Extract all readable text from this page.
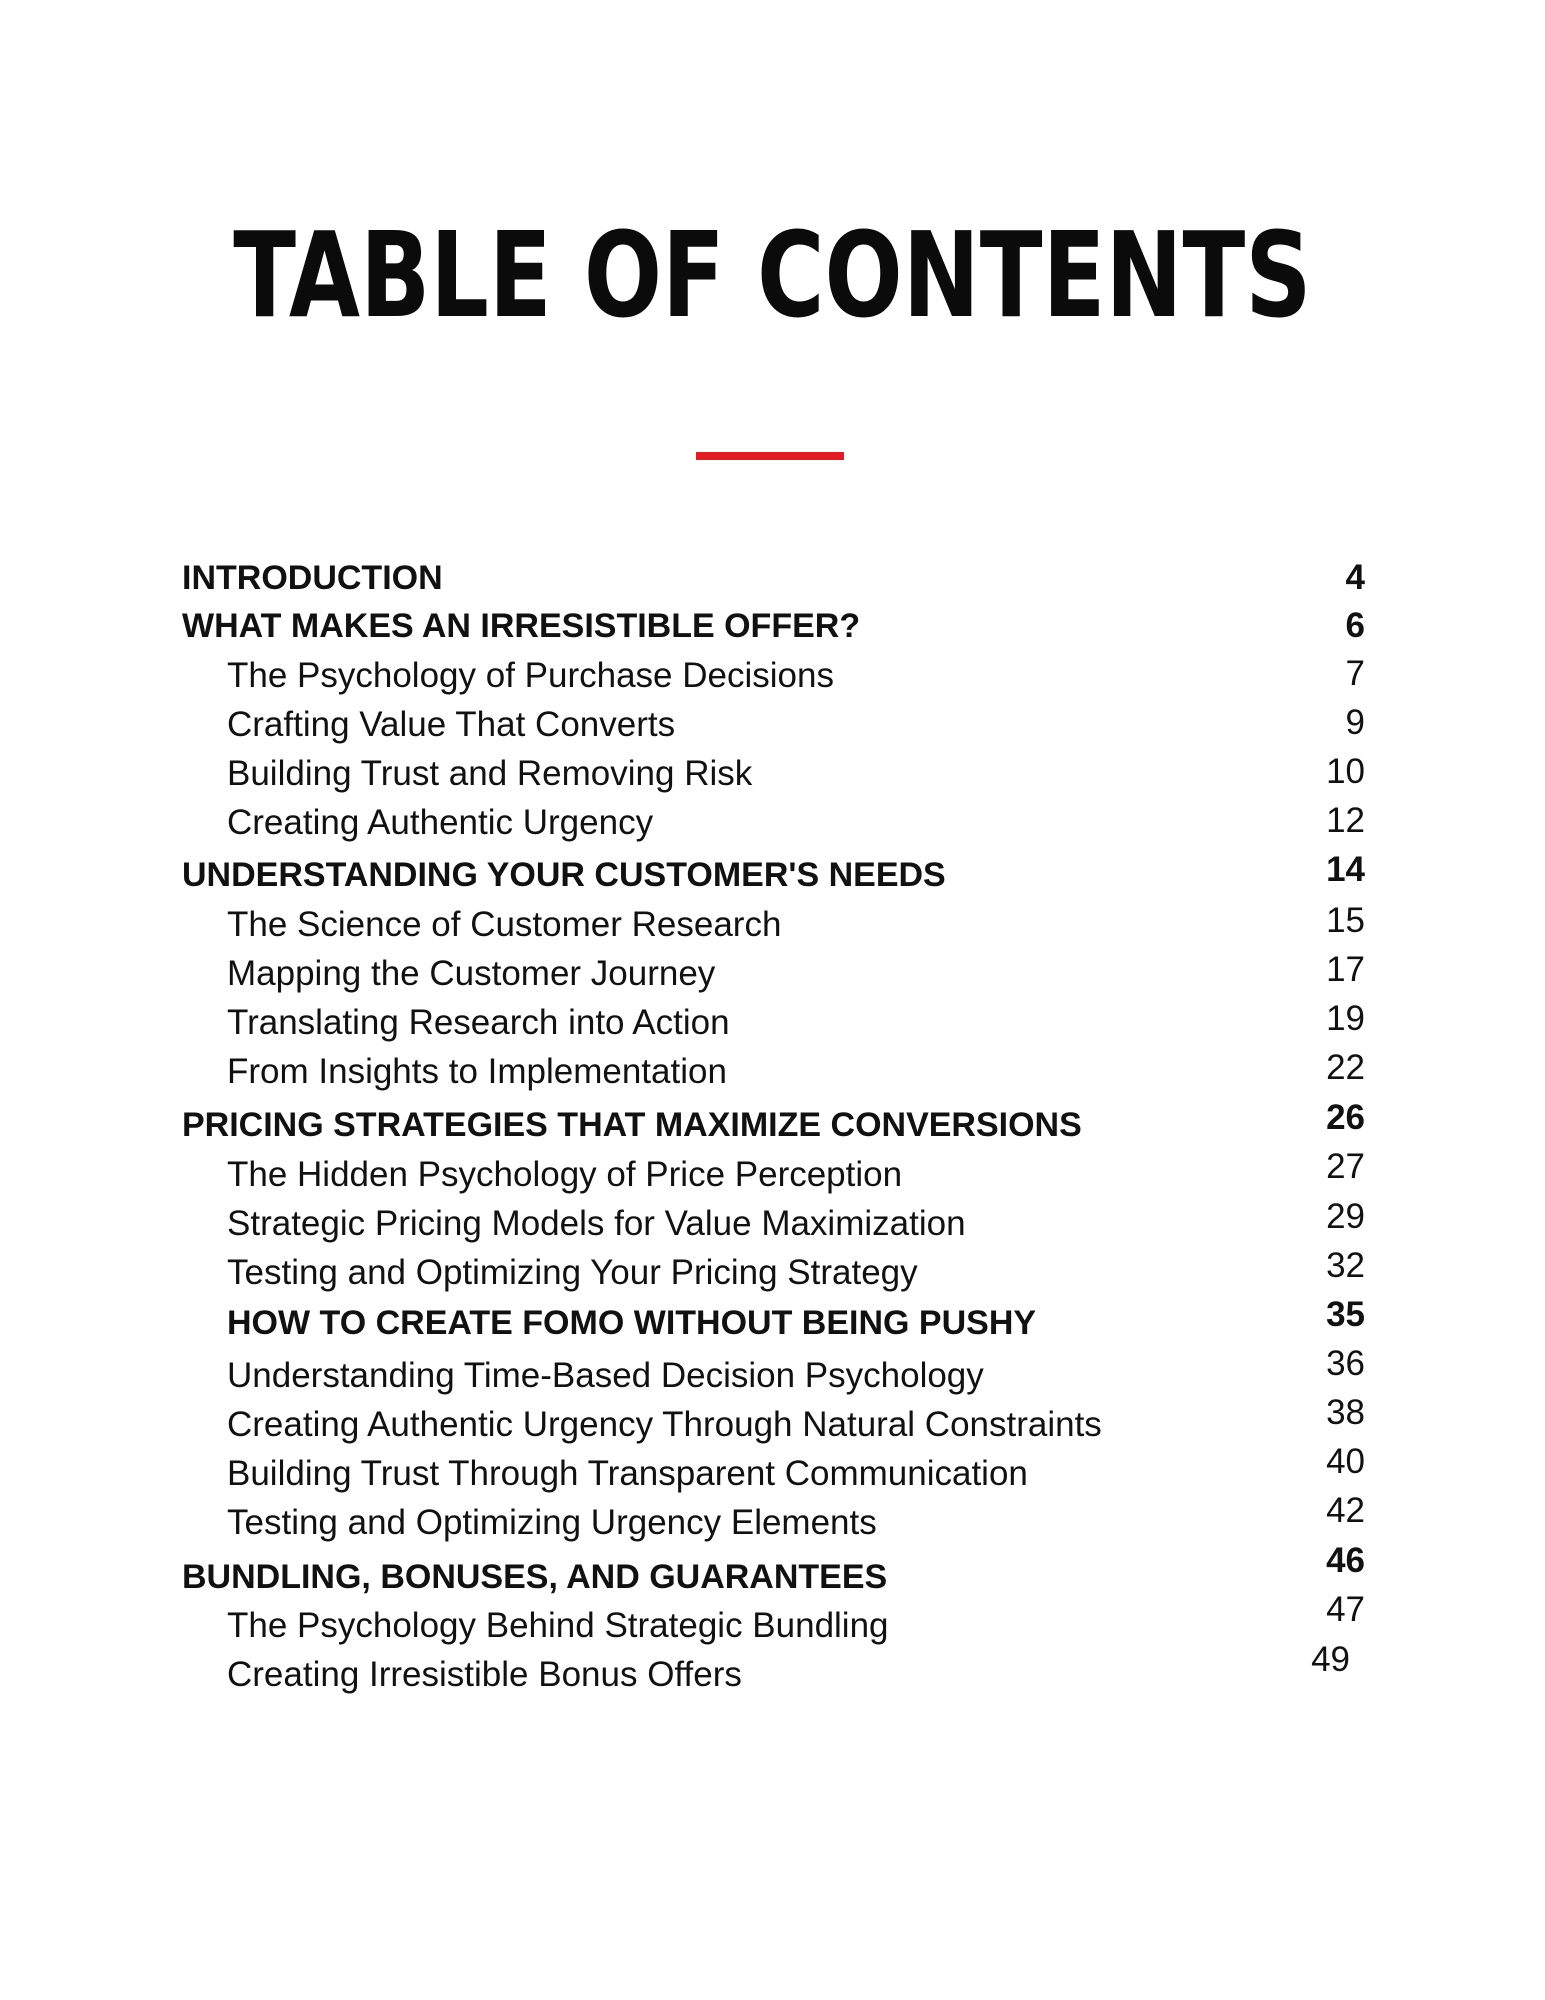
TABLE OF CONTENTS
INTRODUCTION	4
WHAT MAKES AN IRRESISTIBLE OFFER?	6
The Psychology of Purchase Decisions	7
Crafting Value That Converts	9
Building Trust and Removing Risk	10
Creating Authentic Urgency	12
UNDERSTANDING YOUR CUSTOMER'S NEEDS	14
The Science of Customer Research	15
Mapping the Customer Journey	17
Translating Research into Action	19
From Insights to Implementation	22
PRICING STRATEGIES THAT MAXIMIZE CONVERSIONS	26
The Hidden Psychology of Price Perception	27
Strategic Pricing Models for Value Maximization	29
Testing and Optimizing Your Pricing Strategy	32
HOW TO CREATE FOMO WITHOUT BEING PUSHY	35
Understanding Time-Based Decision Psychology	36
Creating Authentic Urgency Through Natural Constraints	38
Building Trust Through Transparent Communication	40
Testing and Optimizing Urgency Elements	42
BUNDLING, BONUSES, AND GUARANTEES	46
The Psychology Behind Strategic Bundling	47
Creating Irresistible Bonus Offers	49
